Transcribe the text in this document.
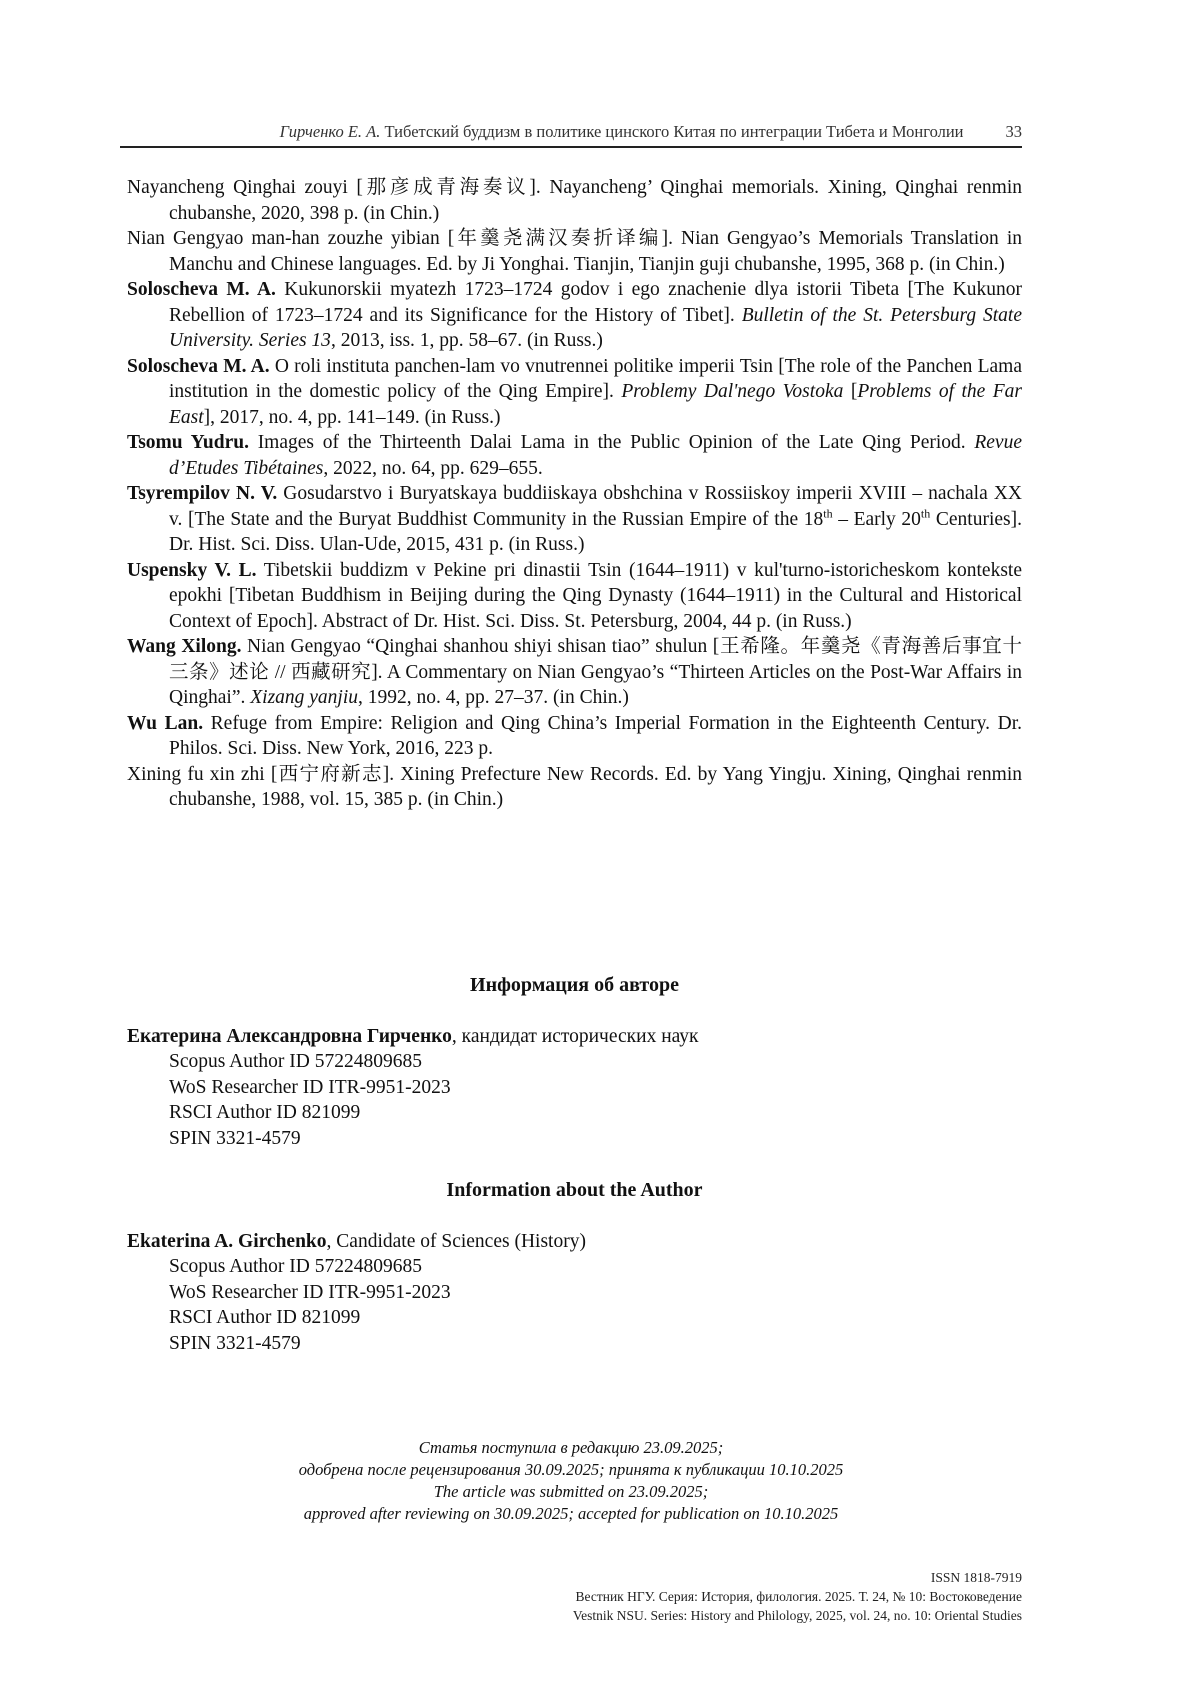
Гирченко Е. А. Тибетский буддизм в политике цинского Китая по интеграции Тибета и Монголии	33

Nayancheng Qinghai zouyi [那彦成青海奏议]. Nayancheng’ Qinghai memorials. Xining, Qinghai renmin chubanshe, 2020, 398 p. (in Chin.)

Nian Gengyao man-han zouzhe yibian [年羹尧满汉奏折译编]. Nian Gengyao’s Memorials Translation in Manchu and Chinese languages. Ed. by Ji Yonghai. Tianjin, Tianjin guji chubanshe, 1995, 368 p. (in Chin.)

Soloscheva M. A. Kukunorskii myatezh 1723–1724 godov i ego znachenie dlya istorii Tibeta [The Kukunor Rebellion of 1723–1724 and its Significance for the History of Tibet]. Bulletin of the St. Petersburg State University. Series 13, 2013, iss. 1, pp. 58–67. (in Russ.)

Soloscheva M. A. O roli instituta panchen-lam vo vnutrennei politike imperii Tsin [The role of the Panchen Lama institution in the domestic policy of the Qing Empire]. Problemy Dal'nego Vostoka [Problems of the Far East], 2017, no. 4, pp. 141–149. (in Russ.)

Tsomu Yudru. Images of the Thirteenth Dalai Lama in the Public Opinion of the Late Qing Period. Revue d’Etudes Tibétaines, 2022, no. 64, pp. 629–655.

Tsyrempilov N. V. Gosudarstvo i Buryatskaya buddiiskaya obshchina v Rossiiskoy imperii XVIII – nachala XX v. [The State and the Buryat Buddhist Community in the Russian Empire of the 18th – Early 20th Centuries]. Dr. Hist. Sci. Diss. Ulan-Ude, 2015, 431 p. (in Russ.)

Uspensky V. L. Tibetskii buddizm v Pekine pri dinastii Tsin (1644–1911) v kul'turno-istoricheskom kontekste epokhi [Tibetan Buddhism in Beijing during the Qing Dynasty (1644–1911) in the Cultural and Historical Context of Epoch]. Abstract of Dr. Hist. Sci. Diss. St. Petersburg, 2004, 44 p. (in Russ.)

Wang Xilong. Nian Gengyao “Qinghai shanhou shiyi shisan tiao” shulun [王希隆。年羹尧《青海善后事宜十三条》述论 // 西藏研究]. A Commentary on Nian Gengyao’s “Thirteen Articles on the Post-War Affairs in Qinghai”. Xizang yanjiu, 1992, no. 4, pp. 27–37. (in Chin.)

Wu Lan. Refuge from Empire: Religion and Qing China’s Imperial Formation in the Eighteenth Century. Dr. Philos. Sci. Diss. New York, 2016, 223 p.

Xining fu xin zhi [西宁府新志]. Xining Prefecture New Records. Ed. by Yang Yingju. Xining, Qinghai renmin chubanshe, 1988, vol. 15, 385 p. (in Chin.)

Информация об авторе
Екатерина Александровна Гирченко, кандидат исторических наук
Scopus Author ID 57224809685
WoS Researcher ID ITR-9951-2023
RSCI Author ID 821099
SPIN 3321-4579
Information about the Author
Ekaterina A. Girchenko, Candidate of Sciences (History)
Scopus Author ID 57224809685
WoS Researcher ID ITR-9951-2023
RSCI Author ID 821099
SPIN 3321-4579
Статья поступила в редакцию 23.09.2025;
одобрена после рецензирования 30.09.2025; принята к публикации 10.10.2025
The article was submitted on 23.09.2025;
approved after reviewing on 30.09.2025; accepted for publication on 10.10.2025
ISSN 1818-7919
Вестник НГУ. Серия: История, филология. 2025. Т. 24, № 10: Востоковедение
Vestnik NSU. Series: History and Philology, 2025, vol. 24, no. 10: Oriental Studies
